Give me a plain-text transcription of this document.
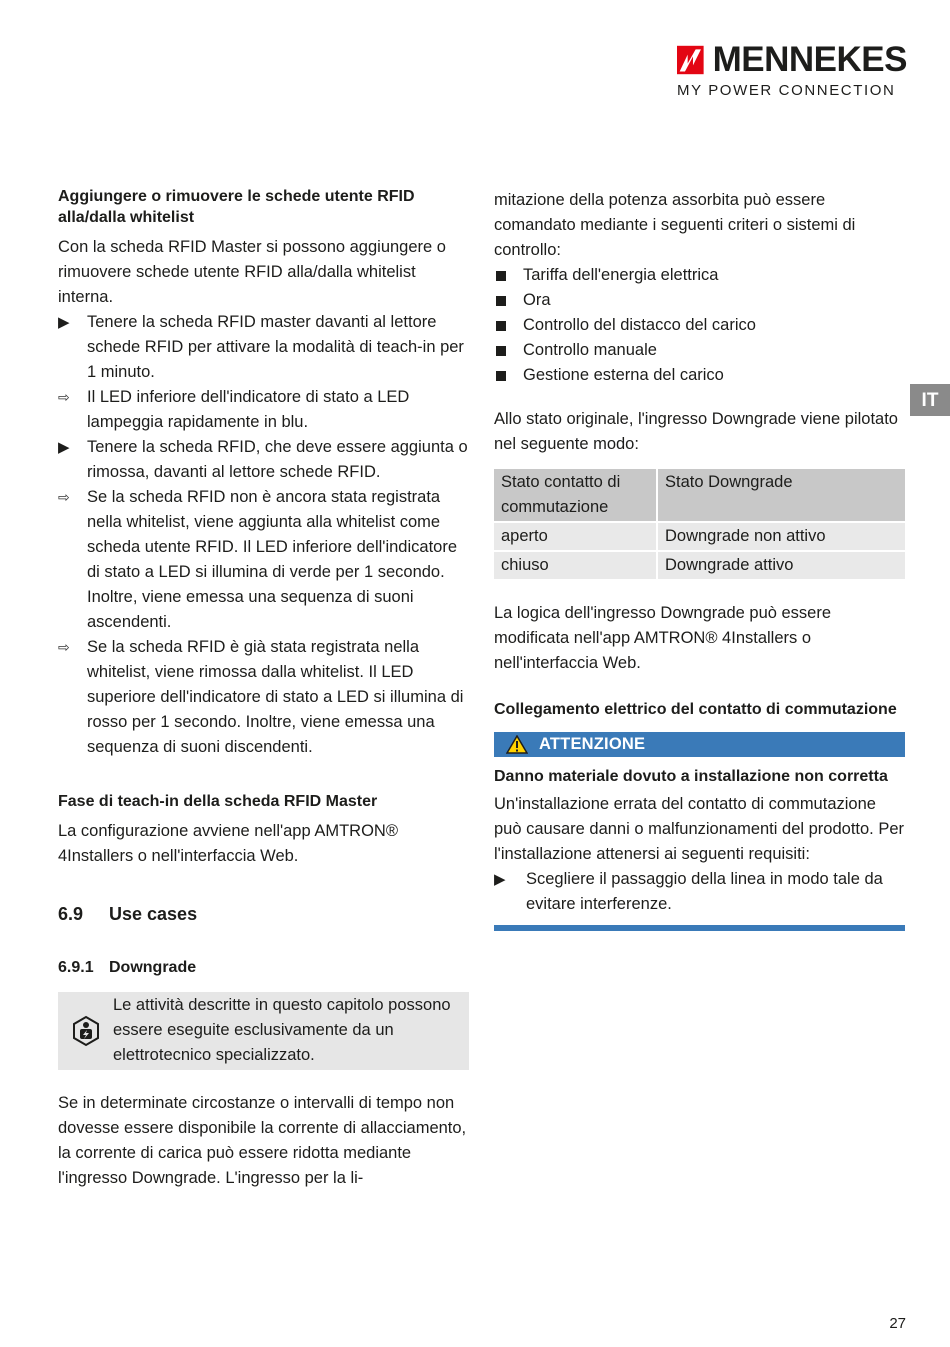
MENNEKES
MY POWER CONNECTION
IT
Aggiungere o rimuovere le schede utente RFID alla/dalla whitelist

Con la scheda RFID Master si possono aggiungere o rimuovere schede utente RFID alla/dalla whitelist interna.

▶	Tenere la scheda RFID master davanti al lettore schede RFID per attivare la modalità di teach-in per 1 minuto.
⇨	Il LED inferiore dell'indicatore di stato a LED lampeggia rapidamente in blu.
▶	Tenere la scheda RFID, che deve essere aggiunta o rimossa, davanti al lettore schede RFID.
⇨	Se la scheda RFID non è ancora stata registrata nella whitelist, viene aggiunta alla whitelist come scheda utente RFID. Il LED inferiore dell'indicatore di stato a LED si illumina di verde per 1 secondo. Inoltre, viene emessa una sequenza di suoni ascendenti.
⇨	Se la scheda RFID è già stata registrata nella whitelist, viene rimossa dalla whitelist. Il LED superiore dell'indicatore di stato a LED si illumina di rosso per 1 secondo. Inoltre, viene emessa una sequenza di suoni discendenti.
Fase di teach-in della scheda RFID Master

La configurazione avviene nell'app AMTRON® 4Installers o nell'interfaccia Web.

6.9	Use cases
6.9.1 Downgrade
Le attività descritte in questo capitolo possono essere eseguite esclusivamente da un elettrotecnico specializzato.

Se in determinate circostanze o intervalli di tempo non dovesse essere disponibile la corrente di allacciamento, la corrente di carica può essere ridotta mediante l'ingresso Downgrade. L'ingresso per la li-

mitazione della potenza assorbita può essere comandato mediante i seguenti criteri o sistemi di controllo:

Tariffa dell'energia elettrica
Ora
Controllo del distacco del carico
Controllo manuale
Gestione esterna del carico

Allo stato originale, l'ingresso Downgrade viene pilotato nel seguente modo:

Stato contatto di commutazione	Stato Downgrade
aperto	Downgrade non attivo
chiuso	Downgrade attivo

La logica dell'ingresso Downgrade può essere modificata nell'app AMTRON® 4Installers o nell'interfaccia Web.

Collegamento elettrico del contatto di commutazione
ATTENZIONE
Danno materiale dovuto a installazione non corretta

Un'installazione errata del contatto di commutazione può causare danni o malfunzionamenti del prodotto. Per l'installazione attenersi ai seguenti requisiti:

▶	Scegliere il passaggio della linea in modo tale da evitare interferenze.
27
